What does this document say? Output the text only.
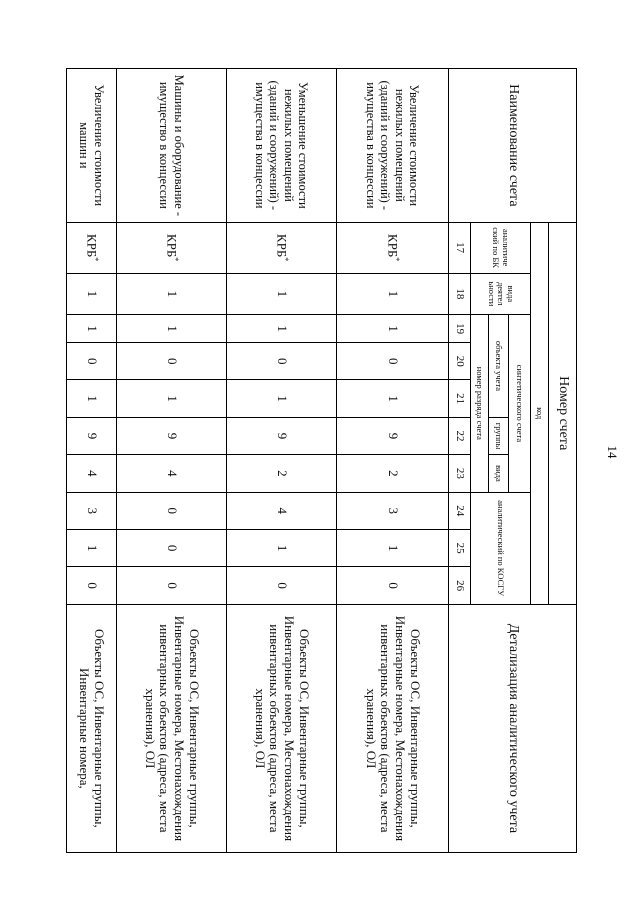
14
Наименование счета	Номер счета										Детализация аналитического учета
	код										
	аналитиче ский по БК	вида деятел ьности	синтетического счета					аналитический по КОСГУ			
			объекта учета			группы	вида				
			номер разряда счета								
	17	18	19	20	21	22	23	24	25	26	
Увеличение стоимости нежилых помещений (зданий и сооружений) - имущества в концессии	КРБ*	1	1	0	1	9	2	3	1	0	Объекты ОС, Инвентарные группы, Инвентарные номера, Местонахождения инвентарных объектов (адреса, места хранения), ОЛ
Уменьшение стоимости нежилых помещений (зданий и сооружений) - имущества в концессии	КРБ*	1	1	0	1	9	2	4	1	0	Объекты ОС, Инвентарные группы, Инвентарные номера, Местонахождения инвентарных объектов (адреса, места хранения), ОЛ
Машины и оборудование - имущество в концессии	КРБ*	1	1	0	1	9	4	0	0	0	Объекты ОС, Инвентарные группы, Инвентарные номера, Местонахождения инвентарных объектов (адреса, места хранения), ОЛ
Увеличение стоимости машин и	КРБ*	1	1	0	1	9	4	3	1	0	Объекты ОС, Инвентарные группы, Инвентарные номера,
